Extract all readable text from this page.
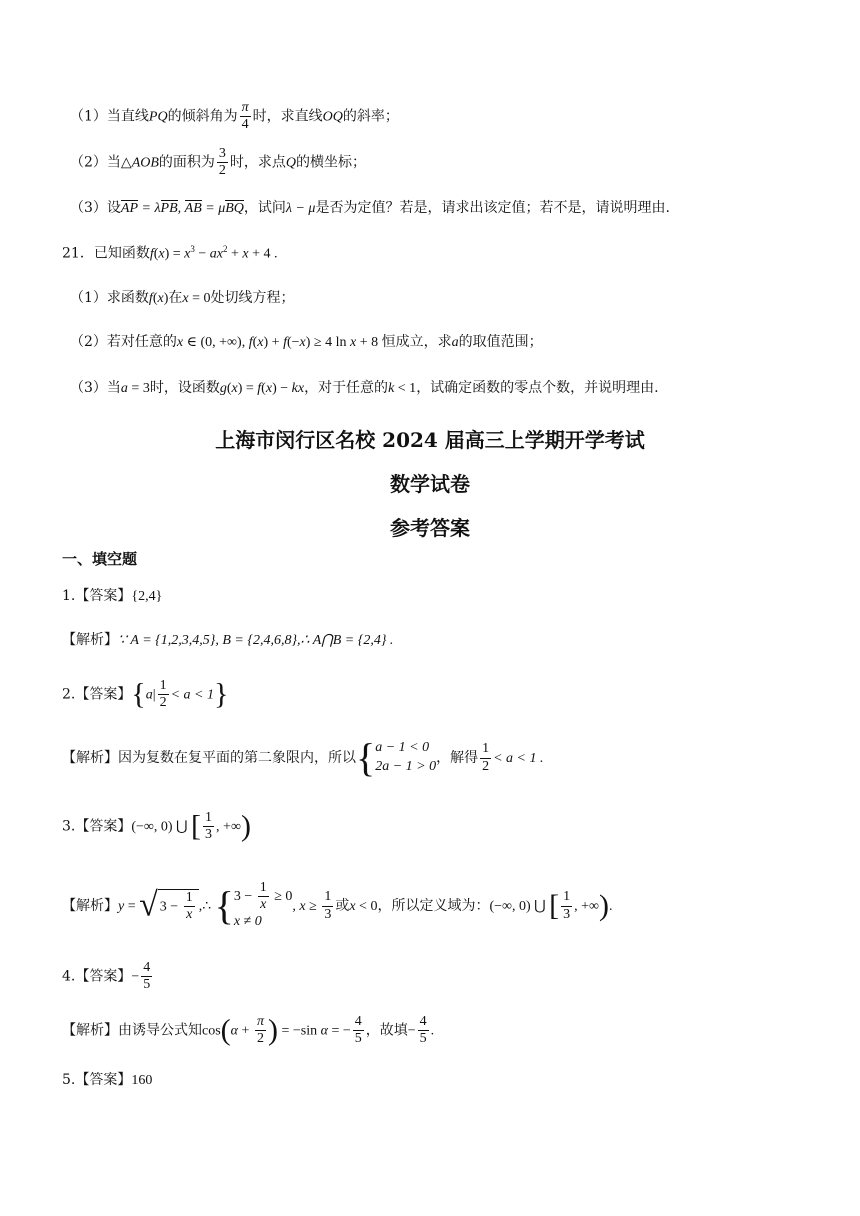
（1）当直线PQ的倾斜角为 $\frac{\pi}{4}$ 时，求直线OQ的斜率；
（2）当△AOB的面积为 $\frac{3}{2}$ 时，求点Q的横坐标；
（3）设AP = λPB, AB = μBQ，试问λ − μ是否为定值？若是，请求出该定值；若不是，请说明理由.
21．已知函数$f(x) = x^3 - ax^2 + x + 4$ .
（1）求函数f(x)在x = 0处切线方程；
（2）若对任意的x ∈ (0, +∞), f(x) + f(−x) ≥ 4 ln x + 8 恒成立，求a的取值范围；
（3）当a = 3时，设函数g(x) = f(x) − kx，对于任意的k < 1，试确定函数的零点个数，并说明理由.
上海市闵行区名校 2024 届高三上学期开学考试
数学试卷
参考答案
一、填空题
1.【答案】{2,4}
【解析】∵ A = {1,2,3,4,5}, B = {2,4,6,8},∴ A⋂B = {2,4} .
2.【答案】$\{a| \frac{1}{2} < a < 1\}$
【解析】因为复数在复平面的第二象限内，所以{ a − 1 < 0
2a − 1 > 0
，解得 $\frac{1}{2} < a < 1$ .
3.【答案】(−∞, 0) ⋃ [ $\frac{1}{3}$ , +∞)
【解析】y = √ $3 - \frac{1}{x}$ ,∴ { $3 - \frac{1}{x} \ge 0$
x ≠ 0
, $x \ge \frac{1}{3}$ 或x < 0，所以定义域为：(−∞, 0) ⋃ [ $\frac{1}{3}$ , +∞).
4.【答案】− $\frac{4}{5}$
【解析】由诱导公式知$\cos(\alpha + \frac{\pi}{2}$ ) = −sin α = − $\frac{4}{5}$ ，故填− $\frac{4}{5}$ .
5.【答案】160
